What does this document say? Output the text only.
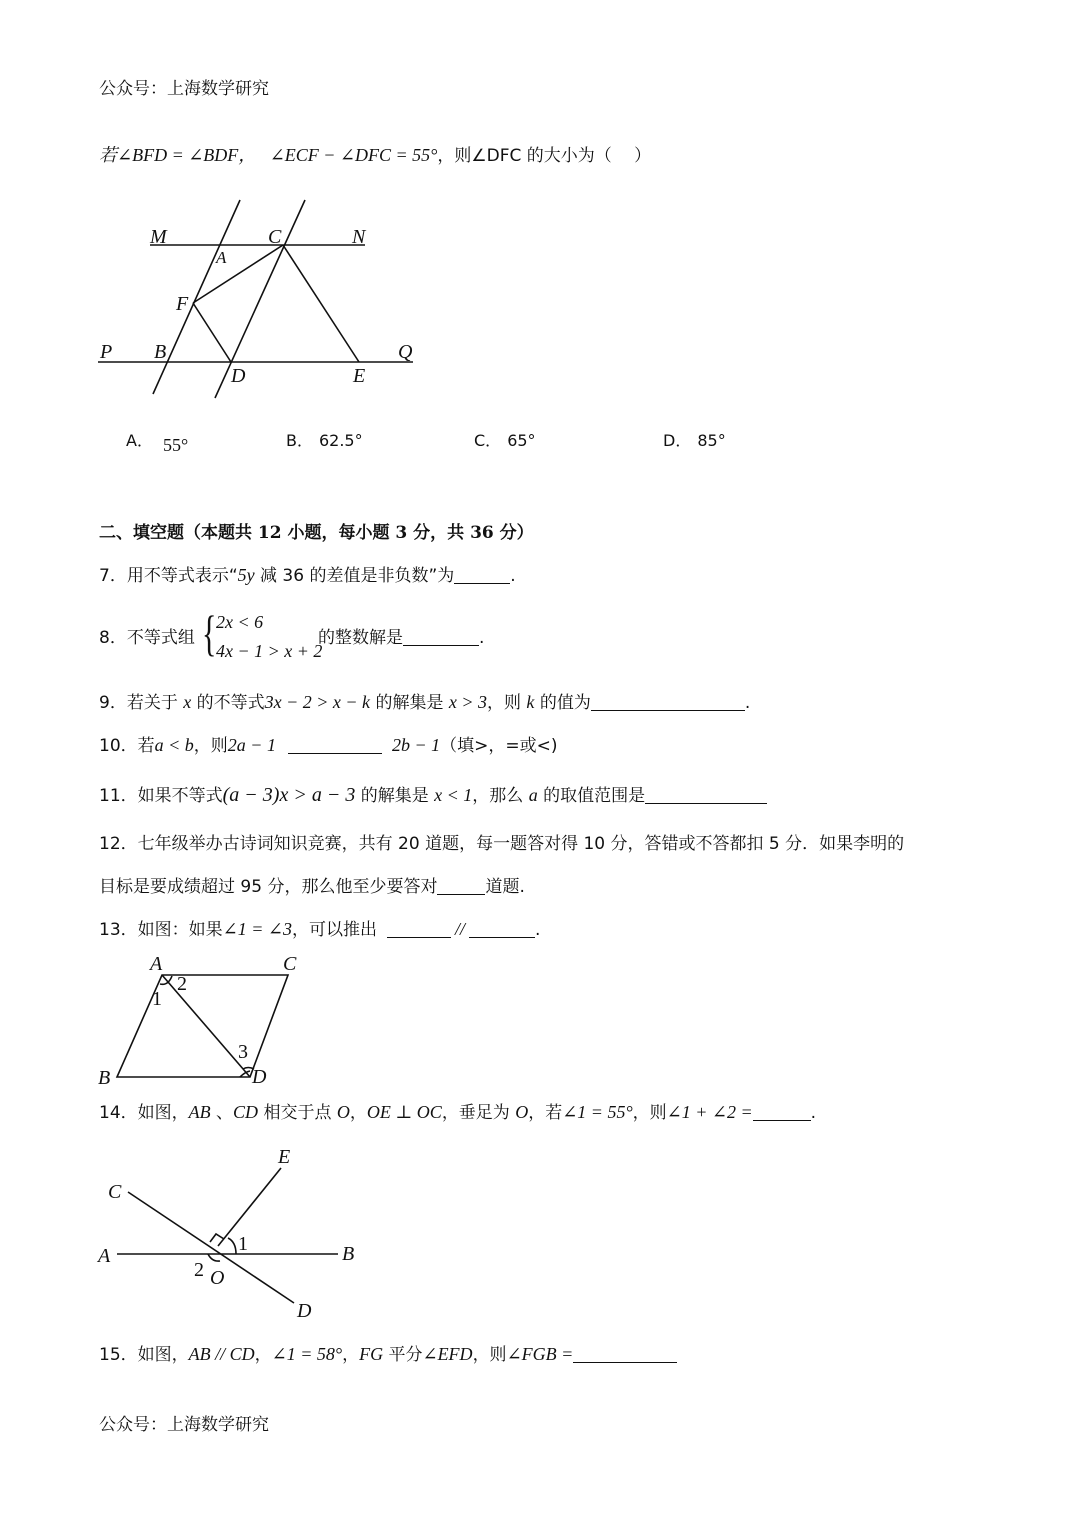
公众号：上海数学研究
若∠BFD = ∠BDF， ∠ECF − ∠DFC = 55°，则∠DFC 的大小为（　 ）
M	C	N
A
F
P B	Q
D	E
A． 55°	B． 62.5°	C． 65°	D． 85°
二、填空题（本题共 12 小题，每小题 3 分，共 36 分）
7．用不等式表示“5y 减 36 的差值是非负数”为	.
8．不等式组 { 2x < 6
4x − 1 > x + 2
的整数解是	.
9．若关于 x 的不等式3x − 2 > x − k 的解集是 x > 3，则 k 的值为	.
10．若a < b，则2a − 1	2b − 1（填>，=或<)
11．如果不等式(a − 3)x > a − 3 的解集是 x < 1，那么 a 的取值范围是
12．七年级举办古诗词知识竞赛，共有 20 道题，每一题答对得 10 分，答错或不答都扣 5 分．如果李明的
目标是要成绩超过 95 分，那么他至少要答对	道题.
13．如图：如果∠1 = ∠3，可以推出	//	.
A	C
B	D
1
2
3
14．如图，AB 、CD 相交于点 O，OE ⊥ OC，垂足为 O，若∠1 = 55°，则∠1 + ∠2 =	.
C
E
A	B
1
2 O
D
15．如图，AB // CD，∠1 = 58°，FG 平分∠EFD，则∠FGB =
公众号：上海数学研究
